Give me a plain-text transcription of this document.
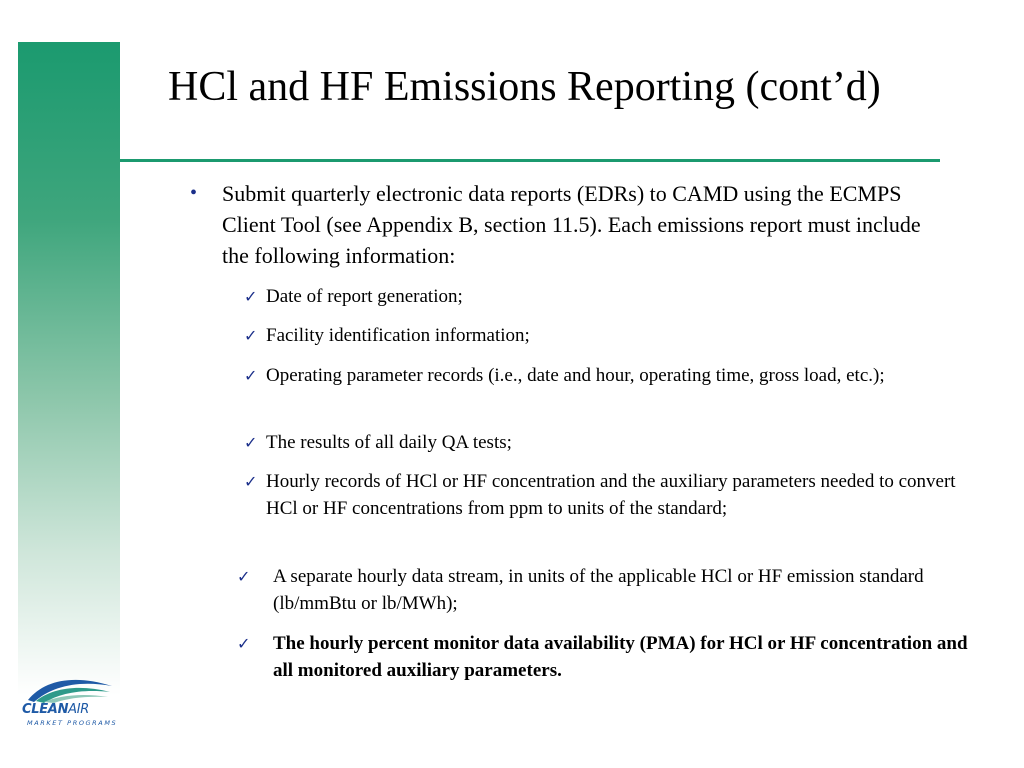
HCl and HF Emissions Reporting (cont’d)
• Submit quarterly electronic data reports (EDRs) to CAMD using the ECMPS Client Tool (see Appendix B, section 11.5). Each emissions report must include the following information:
✓ Date of report generation;
✓ Facility identification information;
✓ Operating parameter records (i.e., date and hour, operating time, gross load, etc.);
✓ The results of all daily QA tests;
✓ Hourly records of HCl or HF concentration and the auxiliary parameters needed to convert HCl or HF concentrations from ppm to units of the standard;
✓ A separate hourly data stream, in units of the applicable HCl or HF emission standard (lb/mmBtu or lb/MWh);
✓ The hourly percent monitor data availability (PMA) for HCl or HF concentration and all monitored auxiliary parameters.
CLEANAIR
MARKET PROGRAMS
